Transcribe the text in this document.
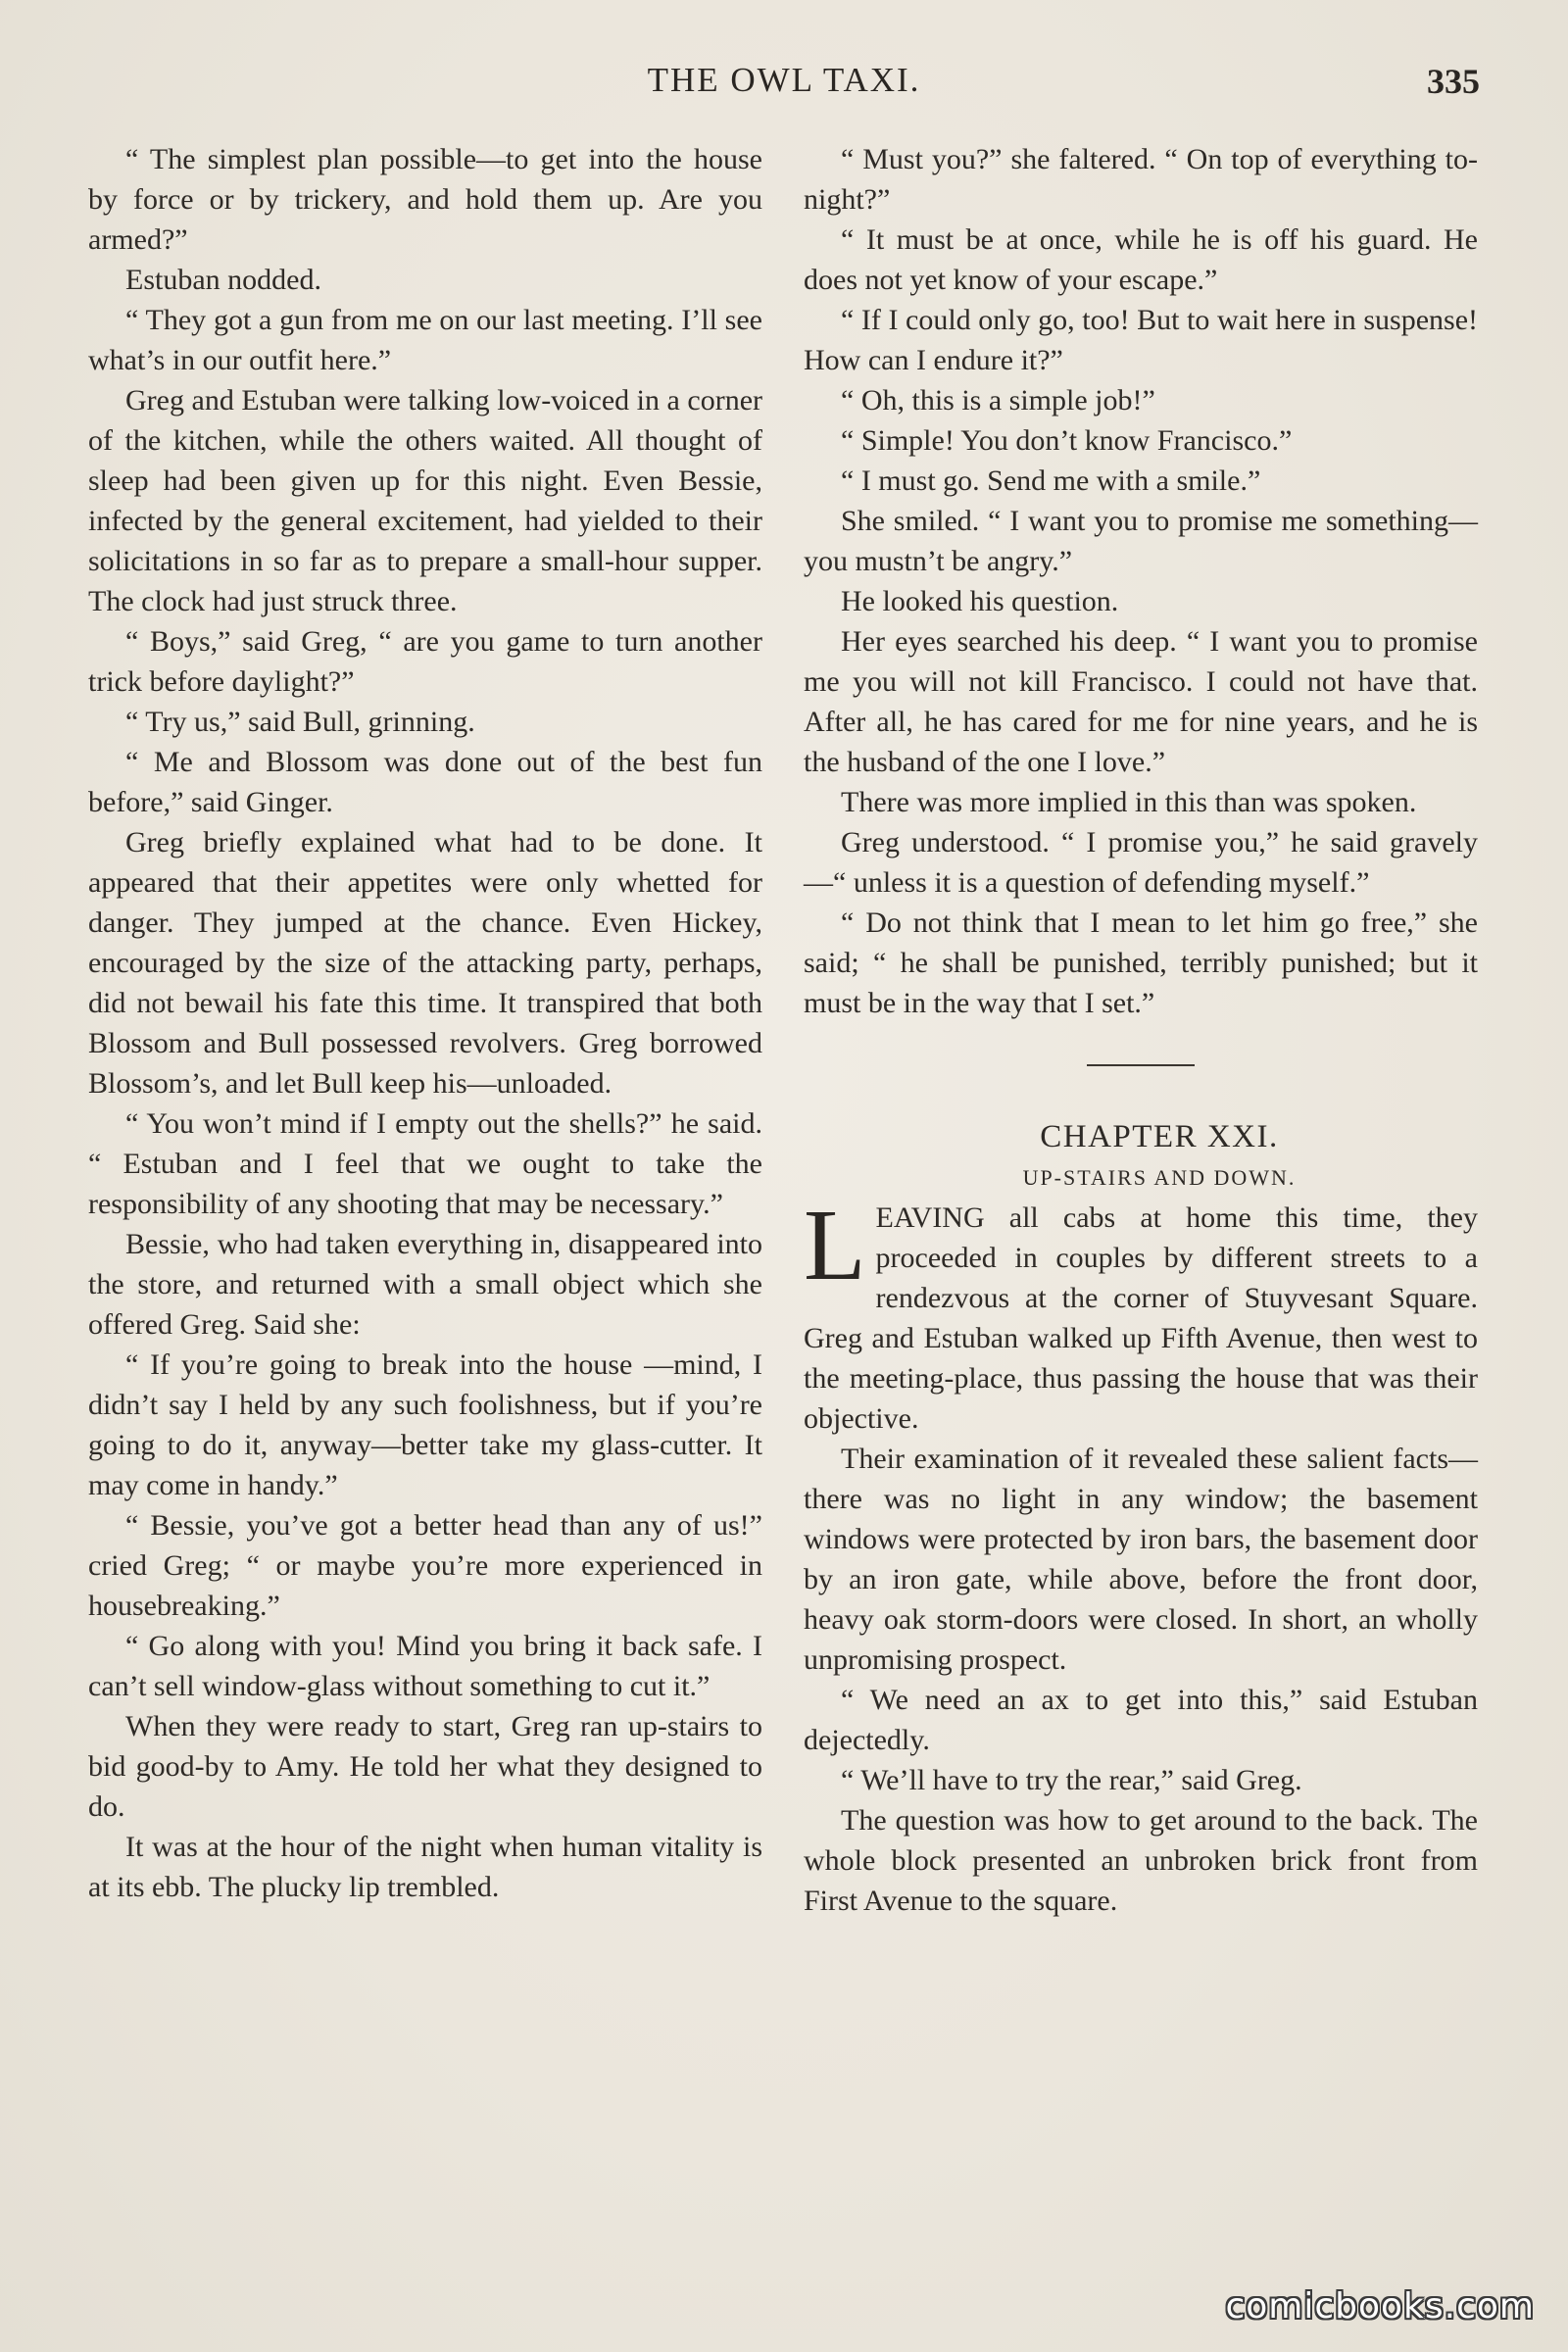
THE OWL TAXI.	335

“ The simplest plan possible—to get into the house by force or by trickery, and hold them up. Are you armed?”

Estuban nodded.

“ They got a gun from me on our last meeting. I’ll see what’s in our outfit here.”

Greg and Estuban were talking low-voiced in a corner of the kitchen, while the others waited. All thought of sleep had been given up for this night. Even Bessie, infected by the general excitement, had yielded to their solicitations in so far as to prepare a small-hour supper. The clock had just struck three.

“ Boys,” said Greg, “ are you game to turn another trick before daylight?”

“ Try us,” said Bull, grinning.

“ Me and Blossom was done out of the best fun before,” said Ginger.

Greg briefly explained what had to be done. It appeared that their appetites were only whetted for danger. They jumped at the chance. Even Hickey, encouraged by the size of the attacking party, perhaps, did not bewail his fate this time. It transpired that both Blossom and Bull possessed revolvers. Greg borrowed Blossom’s, and let Bull keep his—unloaded.

“ You won’t mind if I empty out the shells?” he said. “ Estuban and I feel that we ought to take the responsibility of any shooting that may be necessary.”

Bessie, who had taken everything in, disappeared into the store, and returned with a small object which she offered Greg. Said she:

“ If you’re going to break into the house —mind, I didn’t say I held by any such foolishness, but if you’re going to do it, anyway—better take my glass-cutter. It may come in handy.”

“ Bessie, you’ve got a better head than any of us!” cried Greg; “ or maybe you’re more experienced in housebreaking.”

“ Go along with you! Mind you bring it back safe. I can’t sell window-glass without something to cut it.”

When they were ready to start, Greg ran up-stairs to bid good-by to Amy. He told her what they designed to do.

It was at the hour of the night when human vitality is at its ebb. The plucky lip trembled.

“ Must you?” she faltered. “ On top of everything to-night?”

“ It must be at once, while he is off his guard. He does not yet know of your escape.”

“ If I could only go, too! But to wait here in suspense! How can I endure it?”

“ Oh, this is a simple job!”

“ Simple! You don’t know Francisco.”

“ I must go. Send me with a smile.”

She smiled. “ I want you to promise me something—you mustn’t be angry.”

He looked his question.

Her eyes searched his deep. “ I want you to promise me you will not kill Francisco. I could not have that. After all, he has cared for me for nine years, and he is the husband of the one I love.”

There was more implied in this than was spoken.

Greg understood. “ I promise you,” he said gravely—“ unless it is a question of defending myself.”

“ Do not think that I mean to let him go free,” she said; “ he shall be punished, terribly punished; but it must be in the way that I set.”

CHAPTER XXI.

UP-STAIRS AND DOWN.

LEAVING all cabs at home this time, they proceeded in couples by different streets to a rendezvous at the corner of Stuyvesant Square. Greg and Estuban walked up Fifth Avenue, then west to the meeting-place, thus passing the house that was their objective.

Their examination of it revealed these salient facts—there was no light in any window; the basement windows were protected by iron bars, the basement door by an iron gate, while above, before the front door, heavy oak storm-doors were closed. In short, an wholly unpromising prospect.

“ We need an ax to get into this,” said Estuban dejectedly.

“ We’ll have to try the rear,” said Greg.

The question was how to get around to the back. The whole block presented an unbroken brick front from First Avenue to the square.

comicbooks.com
